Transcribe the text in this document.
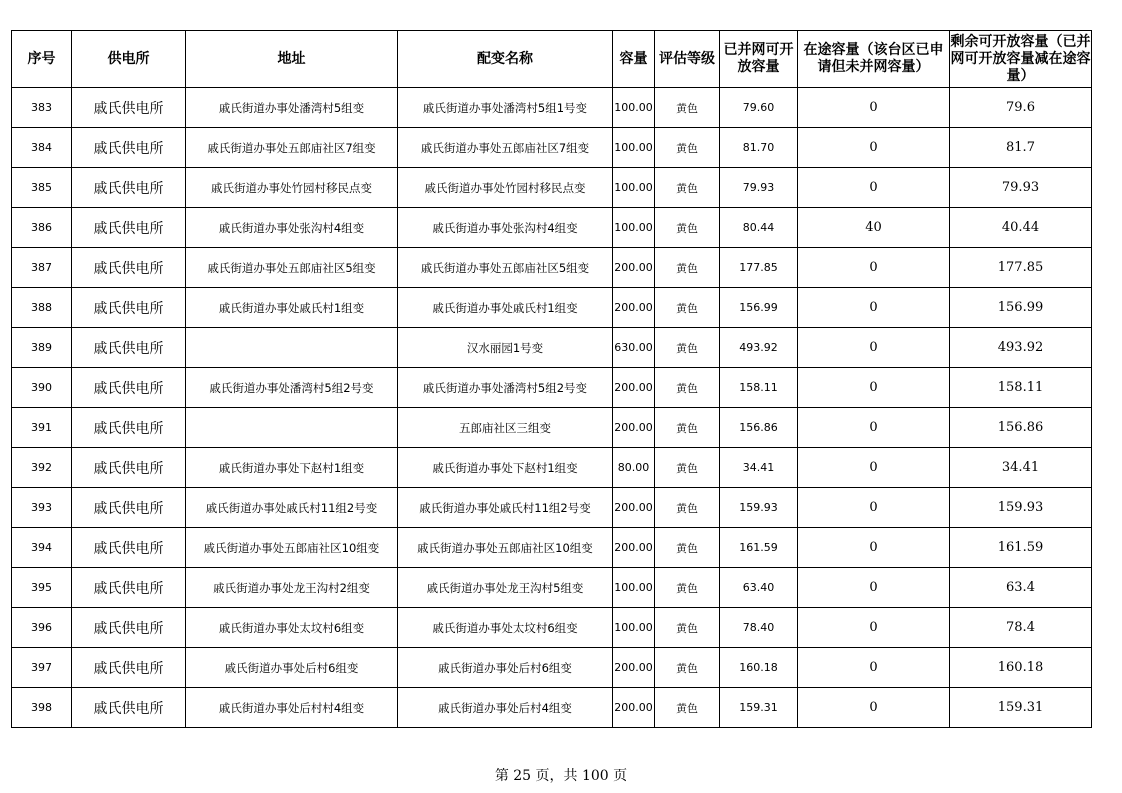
序号	供电所	地址	配变名称	容量	评估等级	已并网可开放容量	在途容量（该台区已申请但未并网容量）	剩余可开放容量（已并网可开放容量减在途容量）
383	戚氏供电所	戚氏街道办事处潘湾村5组变	戚氏街道办事处潘湾村5组1号变	100.00	黄色	79.60	0	79.6
384	戚氏供电所	戚氏街道办事处五郎庙社区7组变	戚氏街道办事处五郎庙社区7组变	100.00	黄色	81.70	0	81.7
385	戚氏供电所	戚氏街道办事处竹园村移民点变	戚氏街道办事处竹园村移民点变	100.00	黄色	79.93	0	79.93
386	戚氏供电所	戚氏街道办事处张沟村4组变	戚氏街道办事处张沟村4组变	100.00	黄色	80.44	40	40.44
387	戚氏供电所	戚氏街道办事处五郎庙社区5组变	戚氏街道办事处五郎庙社区5组变	200.00	黄色	177.85	0	177.85
388	戚氏供电所	戚氏街道办事处戚氏村1组变	戚氏街道办事处戚氏村1组变	200.00	黄色	156.99	0	156.99
389	戚氏供电所		汉水丽园1号变	630.00	黄色	493.92	0	493.92
390	戚氏供电所	戚氏街道办事处潘湾村5组2号变	戚氏街道办事处潘湾村5组2号变	200.00	黄色	158.11	0	158.11
391	戚氏供电所		五郎庙社区三组变	200.00	黄色	156.86	0	156.86
392	戚氏供电所	戚氏街道办事处下赵村1组变	戚氏街道办事处下赵村1组变	80.00	黄色	34.41	0	34.41
393	戚氏供电所	戚氏街道办事处戚氏村11组2号变	戚氏街道办事处戚氏村11组2号变	200.00	黄色	159.93	0	159.93
394	戚氏供电所	戚氏街道办事处五郎庙社区10组变	戚氏街道办事处五郎庙社区10组变	200.00	黄色	161.59	0	161.59
395	戚氏供电所	戚氏街道办事处龙王沟村2组变	戚氏街道办事处龙王沟村5组变	100.00	黄色	63.40	0	63.4
396	戚氏供电所	戚氏街道办事处太坟村6组变	戚氏街道办事处太坟村6组变	100.00	黄色	78.40	0	78.4
397	戚氏供电所	戚氏街道办事处后村6组变	戚氏街道办事处后村6组变	200.00	黄色	160.18	0	160.18
398	戚氏供电所	戚氏街道办事处后村村4组变	戚氏街道办事处后村4组变	200.00	黄色	159.31	0	159.31
第 25 页，共 100 页
